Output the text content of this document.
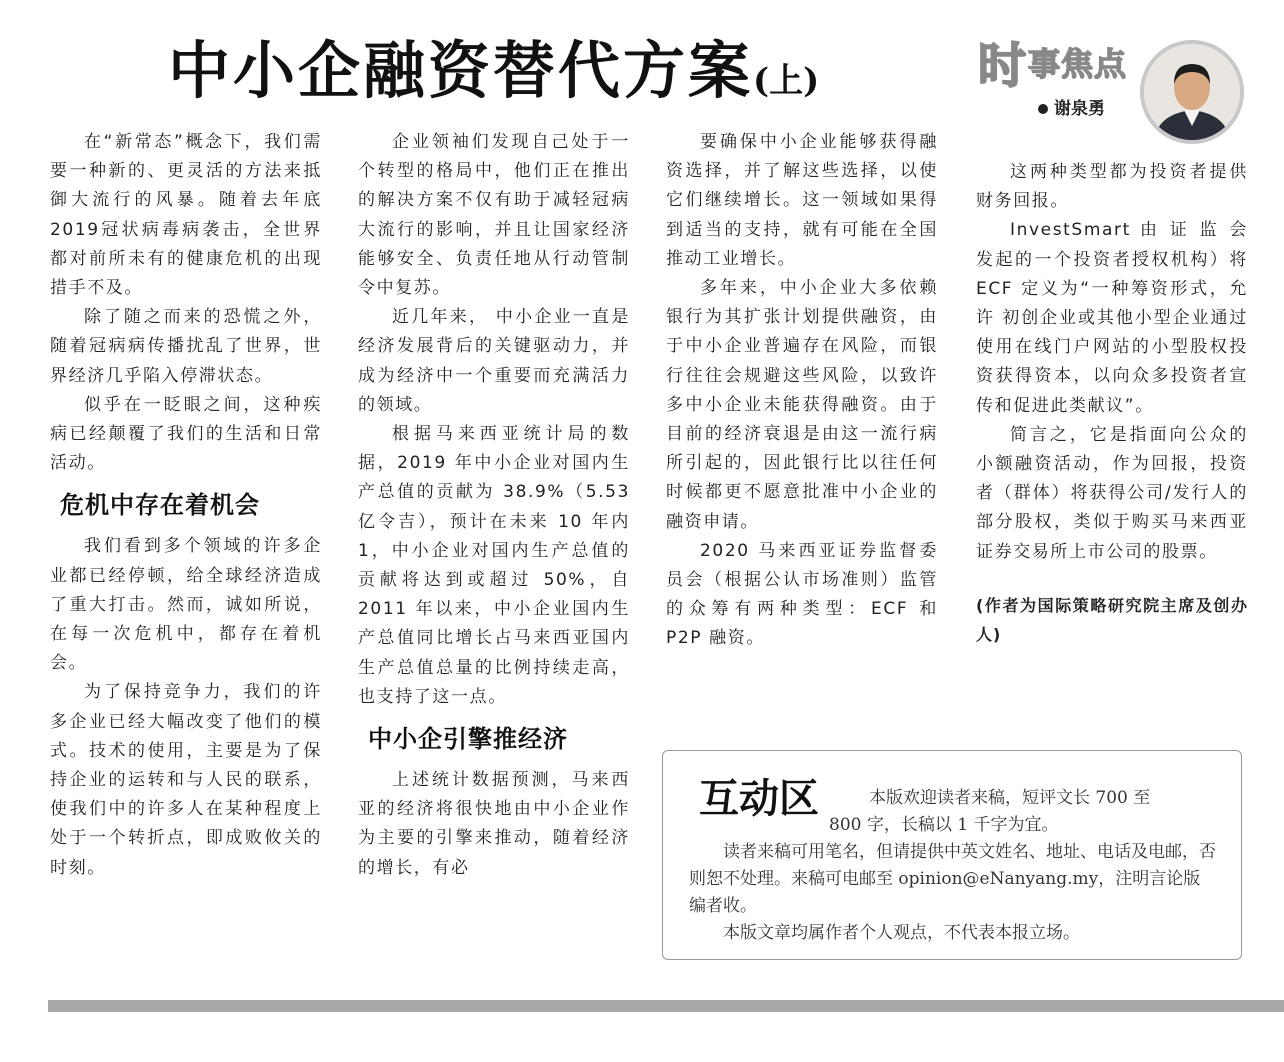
中小企融资替代方案(上)	时 事焦点
谢泉勇

在“新常态”概念下，我们需要一种新的、更灵活的方法来抵御大流行的风暴。随着去年底2019冠状病毒病袭击，全世界都对前所未有的健康危机的出现措手不及。

除了随之而来的恐慌之外，随着冠病病传播扰乱了世界，世界经济几乎陷入停滞状态。

似乎在一眨眼之间，这种疾病已经颠覆了我们的生活和日常活动。

危机中存在着机会

我们看到多个领域的许多企业都已经停顿，给全球经济造成了重大打击。然而，诚如所说，在每一次危机中，都存在着机会。

为了保持竞争力，我们的许多企业已经大幅改变了他们的模式。技术的使用，主要是为了保持企业的运转和与人民的联系，使我们中的许多人在某种程度上处于一个转折点，即成败攸关的时刻。

企业领袖们发现自己处于一个转型的格局中，他们正在推出的解决方案不仅有助于减轻冠病 大流行的影响，并且让国家经济能够安全、负责任地从行动管制令中复苏。

近几年来， 中小企业一直是经济发展背后的关键驱动力，并成为经济中一个重要而充满活力的领域。

根据马来西亚统计局的数据，2019 年中小企业对国内生产总值的贡献为 38.9%（5.53 亿令吉），预计在未来 10 年内 1，中小企业对国内生产总值的贡献将达到或超过 50%，自 2011 年以来，中小企业国内生产总值同比增长占马来西亚国内生产总值总量的比例持续走高，也支持了这一点。

中小企引擎推经济

上述统计数据预测，马来西亚的经济将很快地由中小企业作为主要的引擎来推动，随着经济的增长，有必

要确保中小企业能够获得融资选择，并了解这些选择，以使它们继续增长。这一领域如果得到适当的支持，就有可能在全国推动工业增长。

多年来，中小企业大多依赖银行为其扩张计划提供融资，由于中小企业普遍存在风险，而银行往往会规避这些风险，以致许多中小企业未能获得融资。由于目前的经济衰退是由这一流行病所引起的，因此银行比以往任何时候都更不愿意批准中小企业的融资申请。

2020 马来西亚证券监督委员会（根据公认市场准则）监管的众筹有两种类型：ECF 和 P2P 融资。

这两种类型都为投资者提供财务回报。

InvestSmart 由 证 监 会 发起的一个投资者授权机构）将 ECF 定义为“一种筹资形式，允许 初创企业或其他小型企业通过使用在线门户网站的小型股权投资获得资本，以向众多投资者宣传和促进此类献议”。

简言之，它是指面向公众的小额融资活动，作为回报，投资者（群体）将获得公司/发行人的部分股权，类似于购买马来西亚证券交易所上市公司的股票。

(作者为国际策略研究院主席及创办人)

互动区	本版欢迎读者来稿，短评文长 700 至

800 字，长稿以 1 千字为宜。

读者来稿可用笔名，但请提供中英文姓名、地址、电话及电邮，否则恕不处理。来稿可电邮至 opinion@eNanyang.my，注明言论版编者收。

本版文章均属作者个人观点，不代表本报立场。
